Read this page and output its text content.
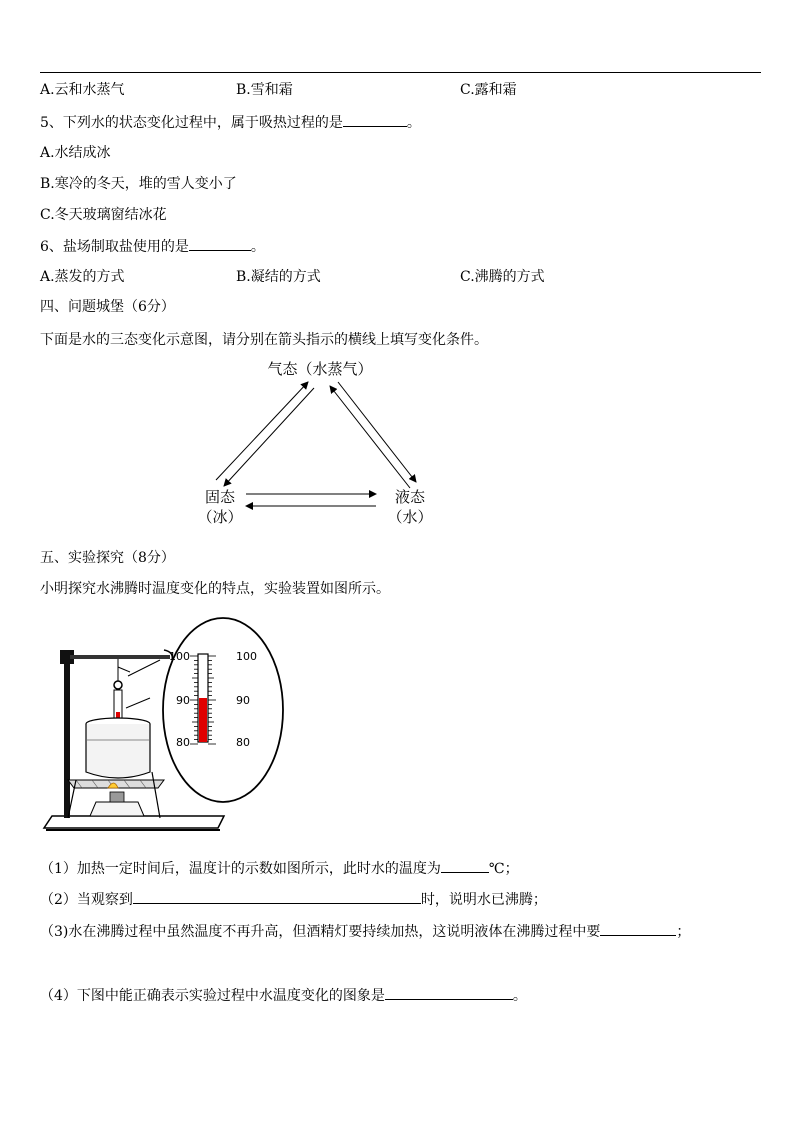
A.云和水蒸气	B.雪和霜	C.露和霜
5、下列水的状态变化过程中，属于吸热过程的是	。
A.水结成冰
B.寒冷的冬天，堆的雪人变小了
C.冬天玻璃窗结冰花
6、盐场制取盐使用的是	。
A.蒸发的方式	B.凝结的方式	C.沸腾的方式
四、问题城堡（6分）
下面是水的三态变化示意图，请分别在箭头指示的横线上填写变化条件。
气态（水蒸气）
固态
（冰）
液态
（水）
五、实验探究（8分）
小明探究水沸腾时温度变化的特点，实验装置如图所示。
100	100
90	90
80	80
（1）加热一定时间后，温度计的示数如图所示，此时水的温度为	℃；
（2）当观察到	时，说明水已沸腾；
（3)水在沸腾过程中虽然温度不再升高，但酒精灯要持续加热，这说明液体在沸腾过程中要	；
（4）下图中能正确表示实验过程中水温度变化的图象是	。
